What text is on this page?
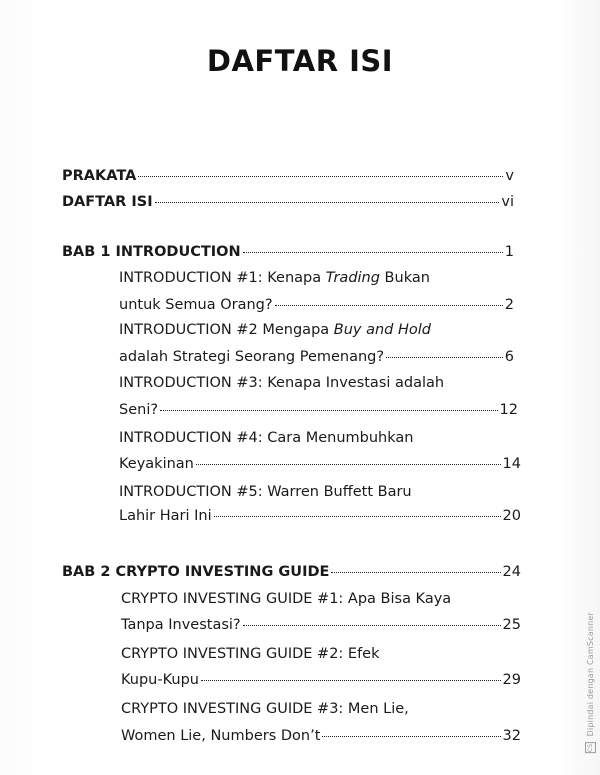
DAFTAR ISI
PRAKATA	v
DAFTAR ISI	vi
BAB 1 INTRODUCTION	1
INTRODUCTION #1: Kenapa Trading Bukan
untuk Semua Orang?	2
INTRODUCTION #2 Mengapa Buy and Hold
adalah Strategi Seorang Pemenang?	6
INTRODUCTION #3: Kenapa Investasi adalah
Seni?	12
INTRODUCTION #4: Cara Menumbuhkan
Keyakinan	14
INTRODUCTION #5: Warren Buffett Baru
Lahir Hari Ini	20
BAB 2 CRYPTO INVESTING GUIDE	24
CRYPTO INVESTING GUIDE #1: Apa Bisa Kaya
Tanpa Investasi?	25
CRYPTO INVESTING GUIDE #2: Efek
Kupu-Kupu	29
CRYPTO INVESTING GUIDE #3: Men Lie,
Women Lie, Numbers Don’t	32
CS Dipindai dengan CamScanner
